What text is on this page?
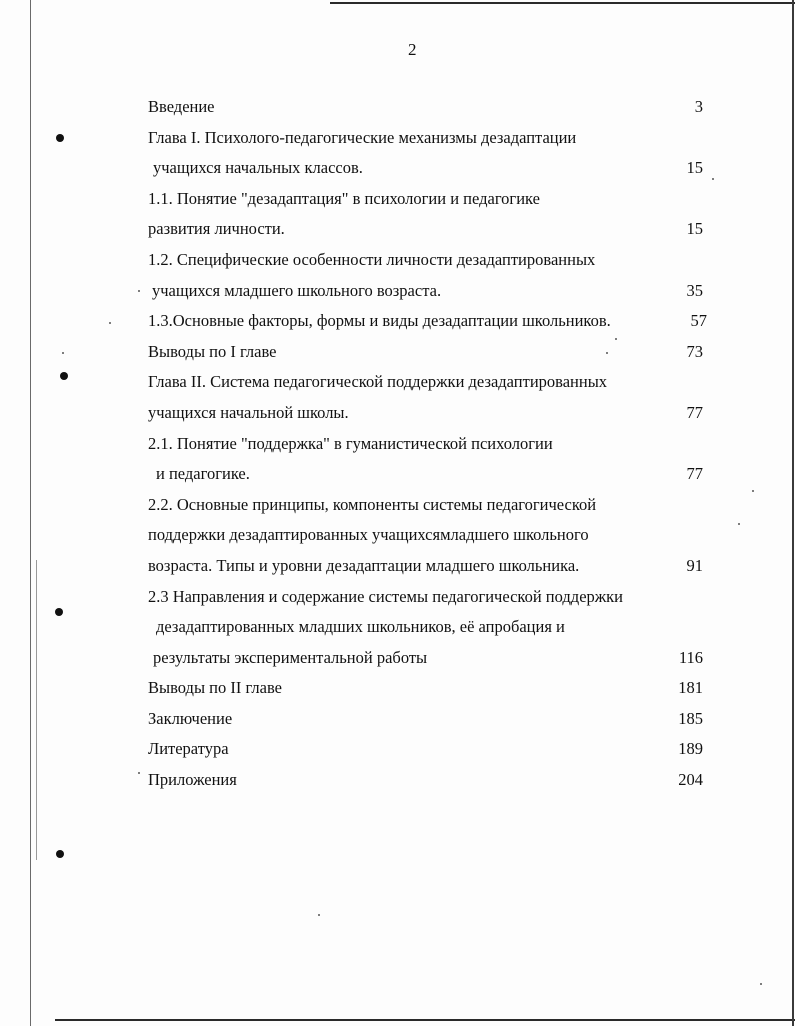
2
Введение	3
Глава I. Психолого-педагогические механизмы дезадаптации
учащихся начальных классов.	15
1.1. Понятие "дезадаптация" в психологии и педагогике
развития личности.	15
1.2. Специфические особенности личности дезадаптированных
учащихся младшего школьного возраста.	35
1.3.Основные факторы, формы и виды дезадаптации школьников.	57
Выводы по I главе	73
Глава II. Система педагогической поддержки дезадаптированных
учащихся начальной школы.	77
2.1. Понятие "поддержка" в гуманистической психологии
и педагогике.	77
2.2. Основные принципы, компоненты системы педагогической
поддержки дезадаптированных учащихсямладшего школьного
возраста. Типы и уровни дезадаптации младшего школьника.	91
2.3 Направления и содержание системы педагогической поддержки
дезадаптированных младших школьников, её апробация и
результаты экспериментальной работы	116
Выводы по II главе	181
Заключение	185
Литература	189
Приложения	204
